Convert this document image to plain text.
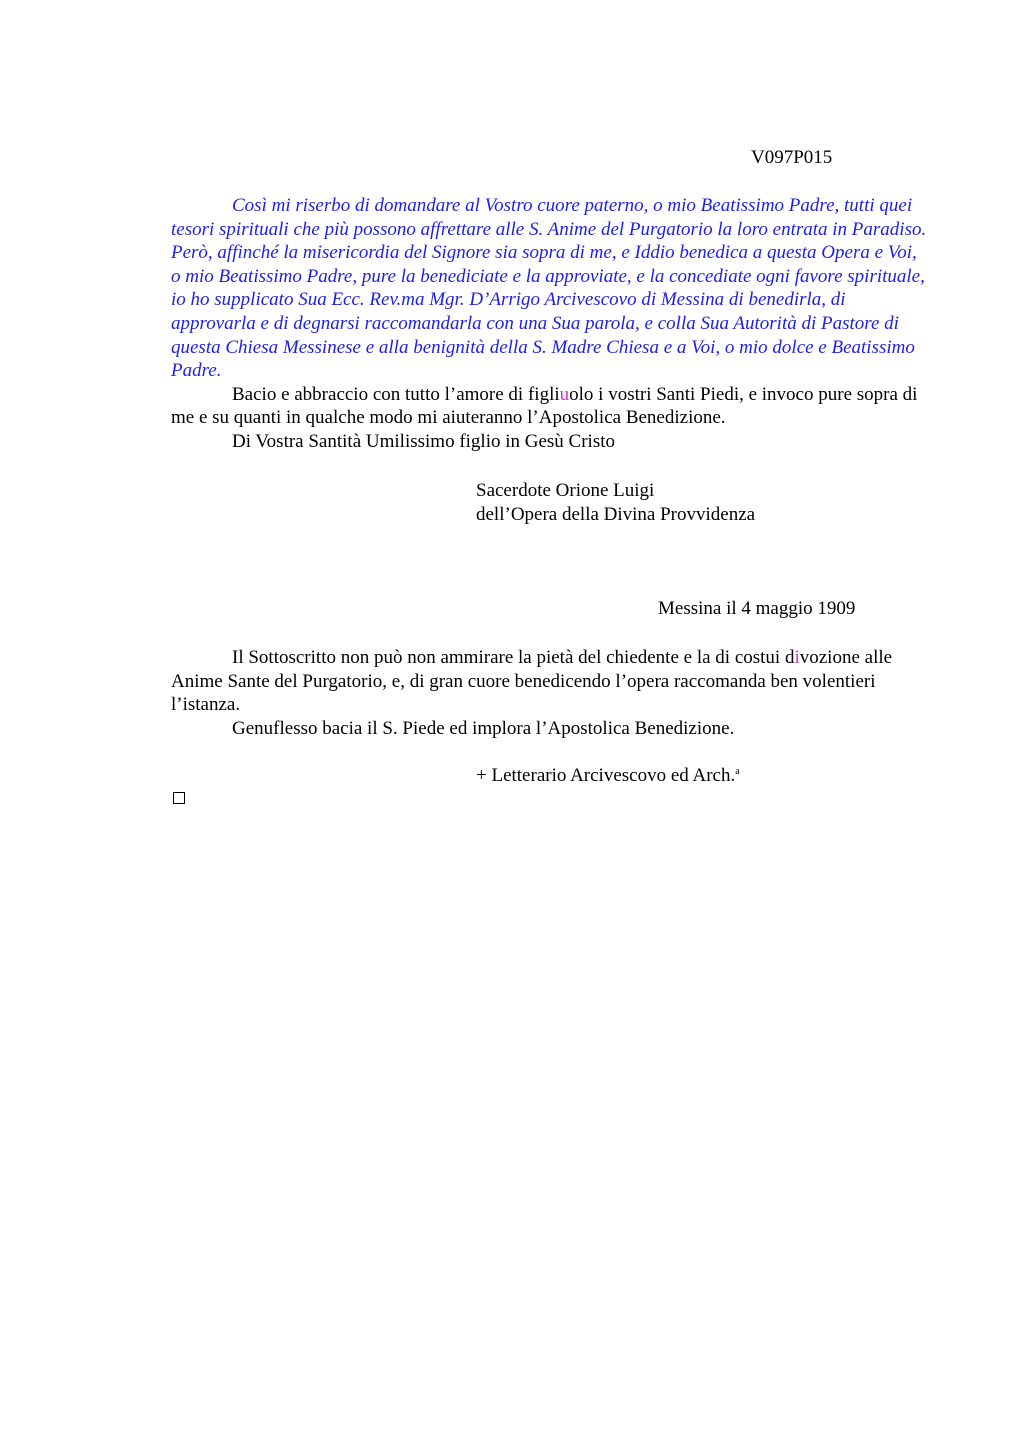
V097P015

Così mi riserbo di domandare al Vostro cuore paterno, o mio Beatissimo Padre, tutti quei tesori spirituali che più possono affrettare alle S. Anime del Purgatorio la loro entrata in Paradiso. Però, affinché la misericordia del Signore sia sopra di me, e Iddio benedica a questa Opera e Voi, o mio Beatissimo Padre, pure la benediciate e la approviate, e la concediate ogni favore spirituale, io ho supplicato Sua Ecc. Rev.ma Mgr. D’Arrigo Arcivescovo di Messina di benedirla, di approvarla e di degnarsi raccomandarla con una Sua parola, e colla Sua Autorità di Pastore di questa Chiesa Messinese e alla benignità della S. Madre Chiesa e a Voi, o mio dolce e Beatissimo Padre.

Bacio e abbraccio con tutto l’amore di figliuolo i vostri Santi Piedi, e invoco pure sopra di me e su quanti in qualche modo mi aiuteranno l’Apostolica Benedizione.

Di Vostra Santità Umilissimo figlio in Gesù Cristo

Sacerdote Orione Luigi
dell’Opera della Divina Provvidenza
Messina il 4 maggio 1909

Il Sottoscritto non può non ammirare la pietà del chiedente e la di costui divozione alle Anime Sante del Purgatorio, e, di gran cuore benedicendo l’opera raccomanda ben volentieri l’istanza.

Genuflesso bacia il S. Piede ed implora l’Apostolica Benedizione.

+ Letterario Arcivescovo ed Arch.$^a$
